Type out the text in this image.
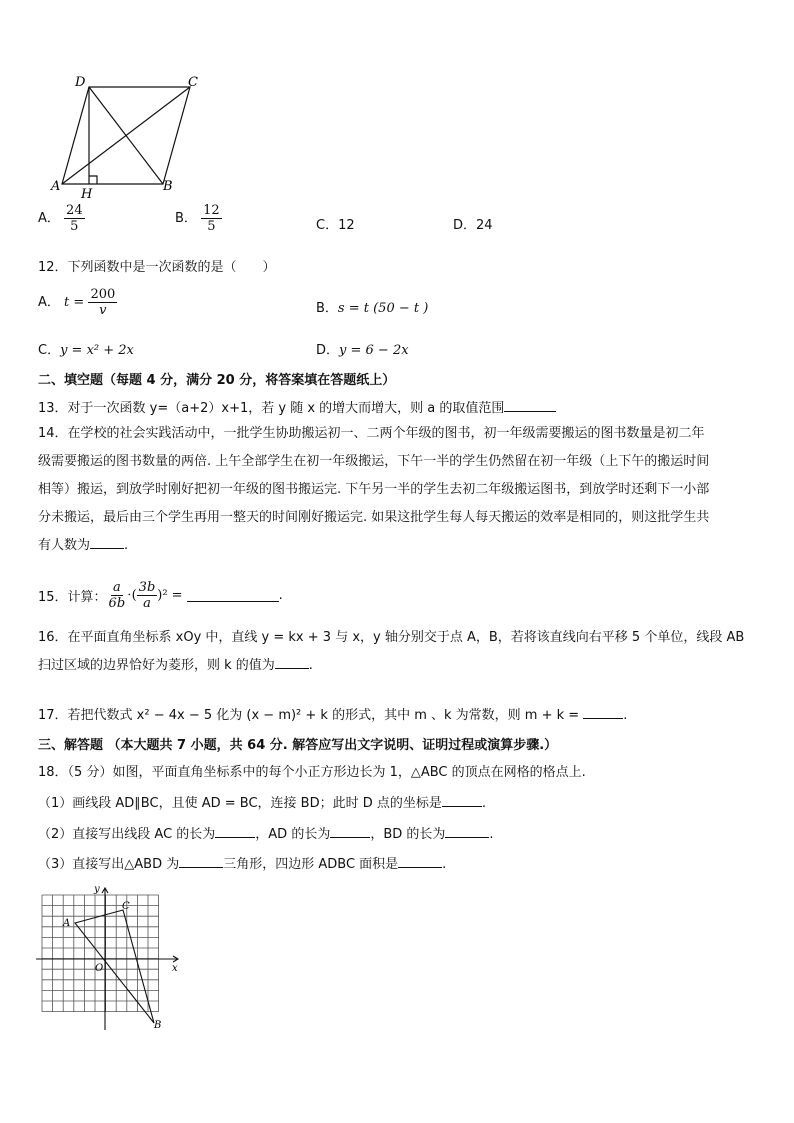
D	C
A	B
H
A． $\frac{24}{5}$	B． $\frac{12}{5}$	C．12	D．24
12．下列函数中是一次函数的是（　　）
A． $t = \frac{200}{v}$	B．s = t (50 − t )
C．y = x² + 2x	D．y = 6 − 2x
二、填空题（每题 4 分，满分 20 分，将答案填在答题纸上）
13．对于一次函数 y=（a+2）x+1，若 y 随 x 的增大而增大，则 a 的取值范围
14．在学校的社会实践活动中，一批学生协助搬运初一、二两个年级的图书，初一年级需要搬运的图书数量是初二年
级需要搬运的图书数量的两倍. 上午全部学生在初一年级搬运，下午一半的学生仍然留在初一年级（上下午的搬运时间
相等）搬运，到放学时刚好把初一年级的图书搬运完. 下午另一半的学生去初二年级搬运图书，到放学时还剩下一小部
分未搬运，最后由三个学生再用一整天的时间刚好搬运完. 如果这批学生每人每天搬运的效率是相同的，则这批学生共
有人数为	.
15．计算： $\frac{a}{6b}$ ⋅( $\frac{3b}{a} )^2$ =	.
16．在平面直角坐标系 xOy 中，直线 y = kx + 3 与 x，y 轴分别交于点 A，B，若将该直线向右平移 5 个单位，线段 AB
扫过区域的边界恰好为菱形，则 k 的值为	.
17．若把代数式 x² − 4x − 5 化为 (x − m)² + k 的形式，其中 m 、k 为常数，则 m + k =	.
三、解答题 （本大题共 7 小题，共 64 分. 解答应写出文字说明、证明过程或演算步骤.）
18．（5 分）如图，平面直角坐标系中的每个小正方形边长为 1，△ABC 的顶点在网格的格点上.
（1）画线段 AD∥BC，且使 AD = BC，连接 BD；此时 D 点的坐标是	.
（2）直接写出线段 AC 的长为	，AD 的长为	，BD 的长为	.
（3）直接写出△ABD 为	三角形，四边形 ADBC 面积是	.
y
x
O
A
C
B
